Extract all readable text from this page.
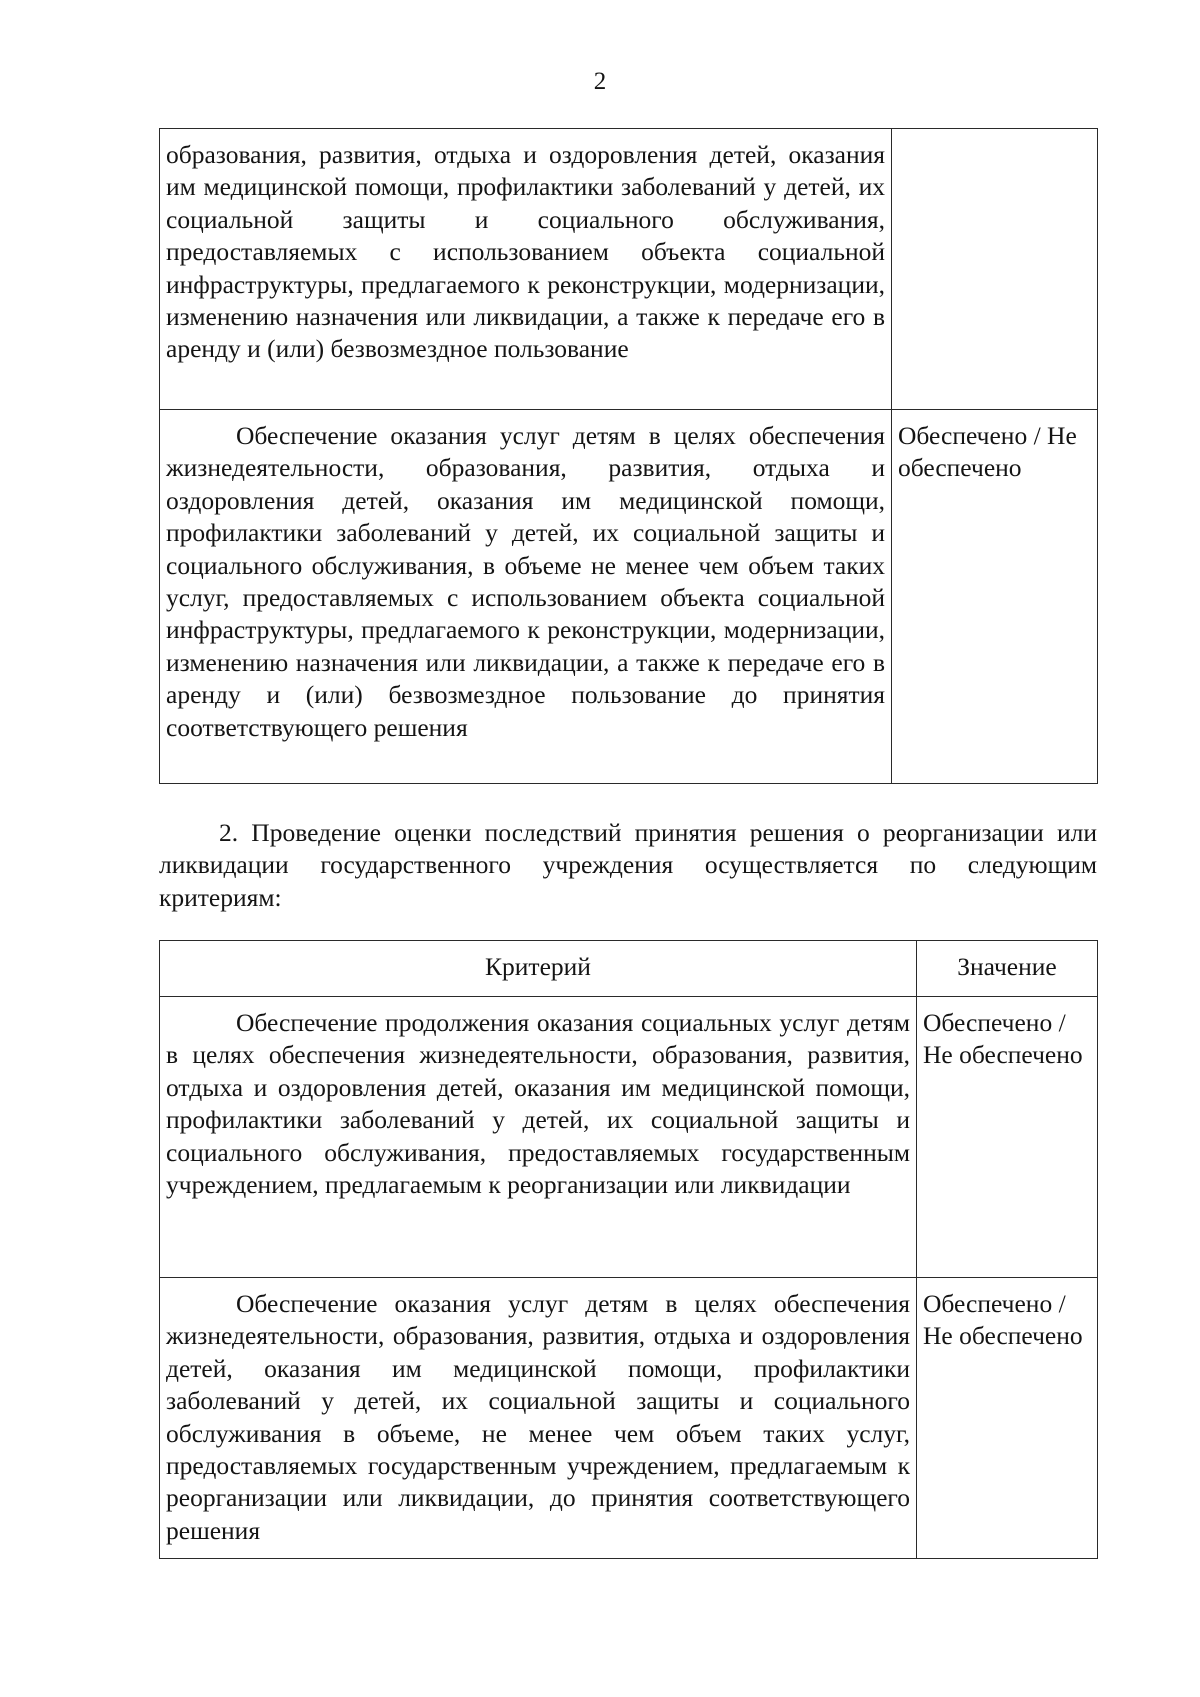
2
образования, развития, отдыха и оздоровления детей, оказания им медицинской помощи, профилактики заболеваний у детей, их социальной защиты и социального обслуживания, предоставляемых с использованием объекта социальной инфраструктуры, предлагаемого к реконструкции, модернизации, изменению назначения или ликвидации, а также к передаче его в аренду и (или) безвозмездное пользование	
Обеспечение оказания услуг детям в целях обеспечения жизнедеятельности, образования, развития, отдыха и оздоровления детей, оказания им медицинской помощи, профилактики заболеваний у детей, их социальной защиты и социального обслуживания, в объеме не менее чем объем таких услуг, предоставляемых с использованием объекта социальной инфраструктуры, предлагаемого к реконструкции, модернизации, изменению назначения или ликвидации, а также к передаче его в аренду и (или) безвозмездное пользование до принятия соответствующего решения	Обеспечено / Не обеспечено

2. Проведение оценки последствий принятия решения о реорганизации или ликвидации государственного учреждения осуществляется по следующим критериям:

Критерий	Значение
Обеспечение продолжения оказания социальных услуг детям в целях обеспечения жизнедеятельности, образования, развития, отдыха и оздоровления детей, оказания им медицинской помощи, профилактики заболеваний у детей, их социальной защиты и социального обслуживания, предоставляемых государственным учреждением, предлагаемым к реорганизации или ликвидации	Обеспечено / Не обеспечено
Обеспечение оказания услуг детям в целях обеспечения жизнедеятельности, образования, развития, отдыха и оздоровления детей, оказания им медицинской помощи, профилактики заболеваний у детей, их социальной защиты и социального обслуживания в объеме, не менее чем объем таких услуг, предоставляемых государственным учреждением, предлагаемым к реорганизации или ликвидации, до принятия соответствующего решения	Обеспечено / Не обеспечено
